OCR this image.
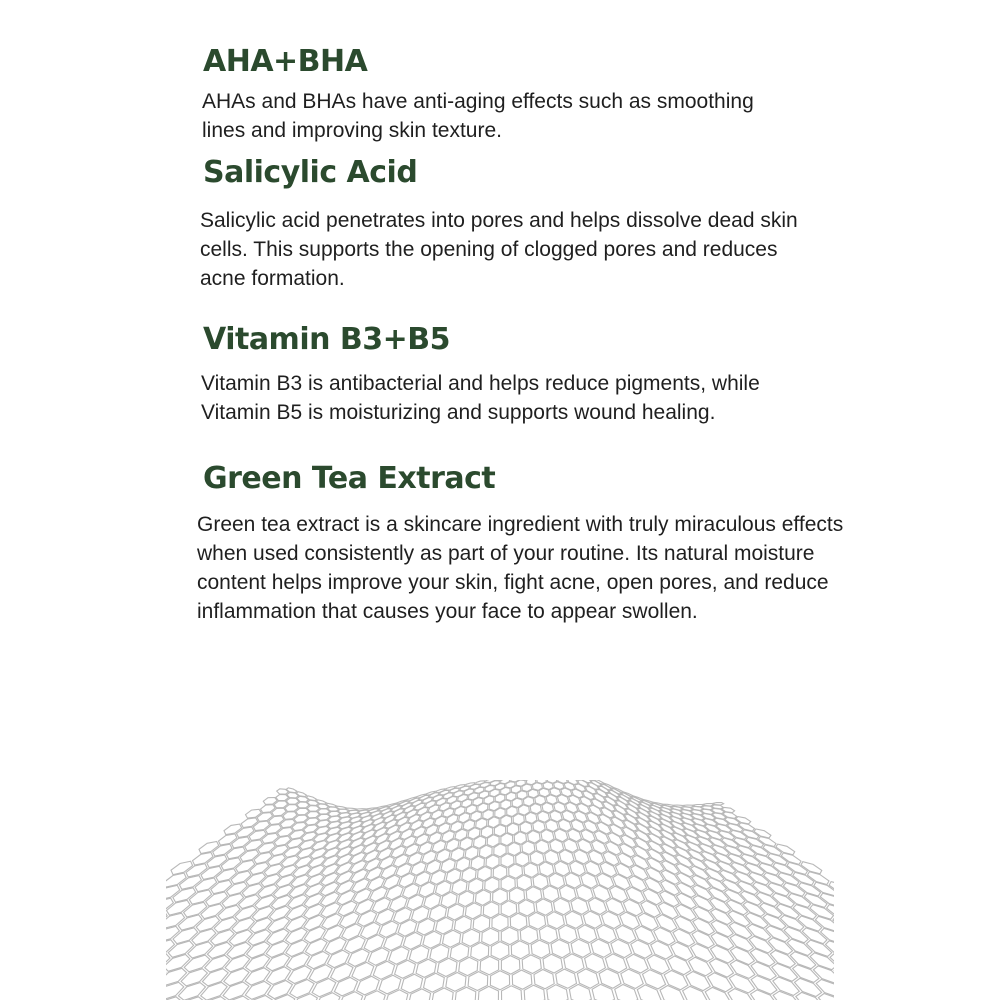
AHA+BHA

AHAs and BHAs have anti-aging effects such as smoothing lines and improving skin texture.

Salicylic Acid

Salicylic acid penetrates into pores and helps dissolve dead skin cells. This supports the opening of clogged pores and reduces acne formation.

Vitamin B3+B5

Vitamin B3 is antibacterial and helps reduce pigments, while Vitamin B5 is moisturizing and supports wound healing.

Green Tea Extract

Green tea extract is a skincare ingredient with truly miraculous effects when used consistently as part of your routine. Its natural moisture content helps improve your skin, fight acne, open pores, and reduce inflammation that causes your face to appear swollen.
